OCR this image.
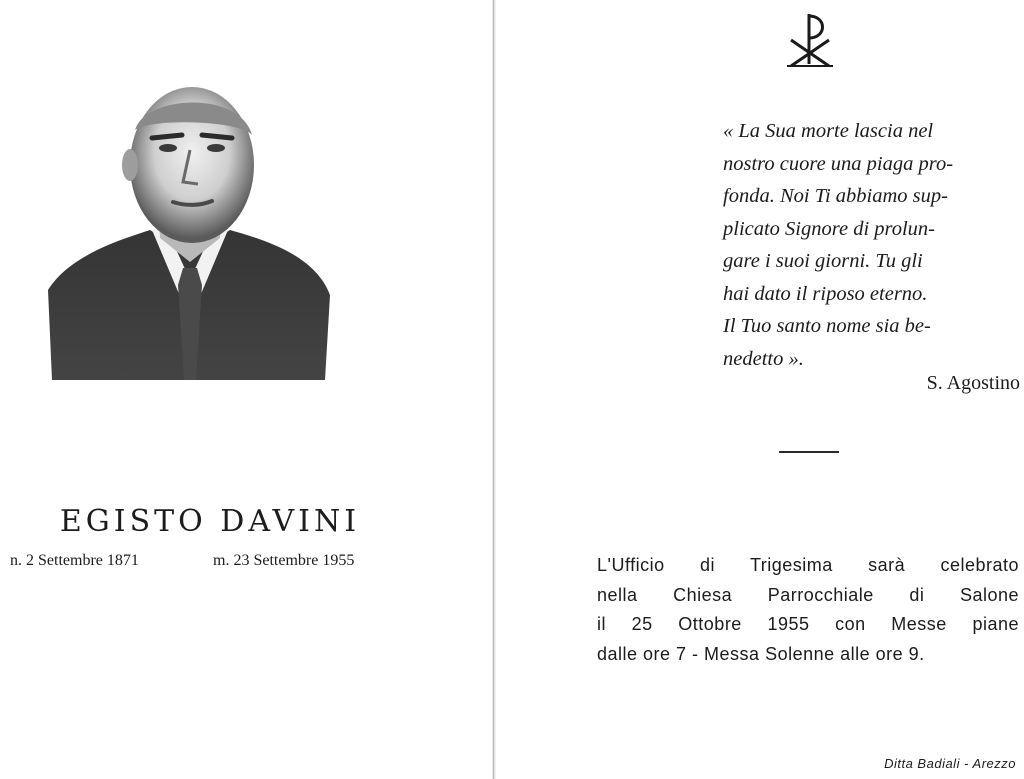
EGISTO DAVINI
n. 2 Settembre 1871	m. 23 Settembre 1955
« La Sua morte lascia nel
nostro cuore una piaga pro-
fonda. Noi Ti abbiamo sup-
plicato Signore di prolun-
gare i suoi giorni. Tu gli
hai dato il riposo eterno.
Il Tuo santo nome sia be-
nedetto ».
S. Agostino
L'Ufficio di Trigesima sarà celebrato
nella Chiesa Parrocchiale di Salone
il 25 Ottobre 1955 con Messe piane
dalle ore 7 - Messa Solenne alle ore 9.
Ditta Badiali - Arezzo
